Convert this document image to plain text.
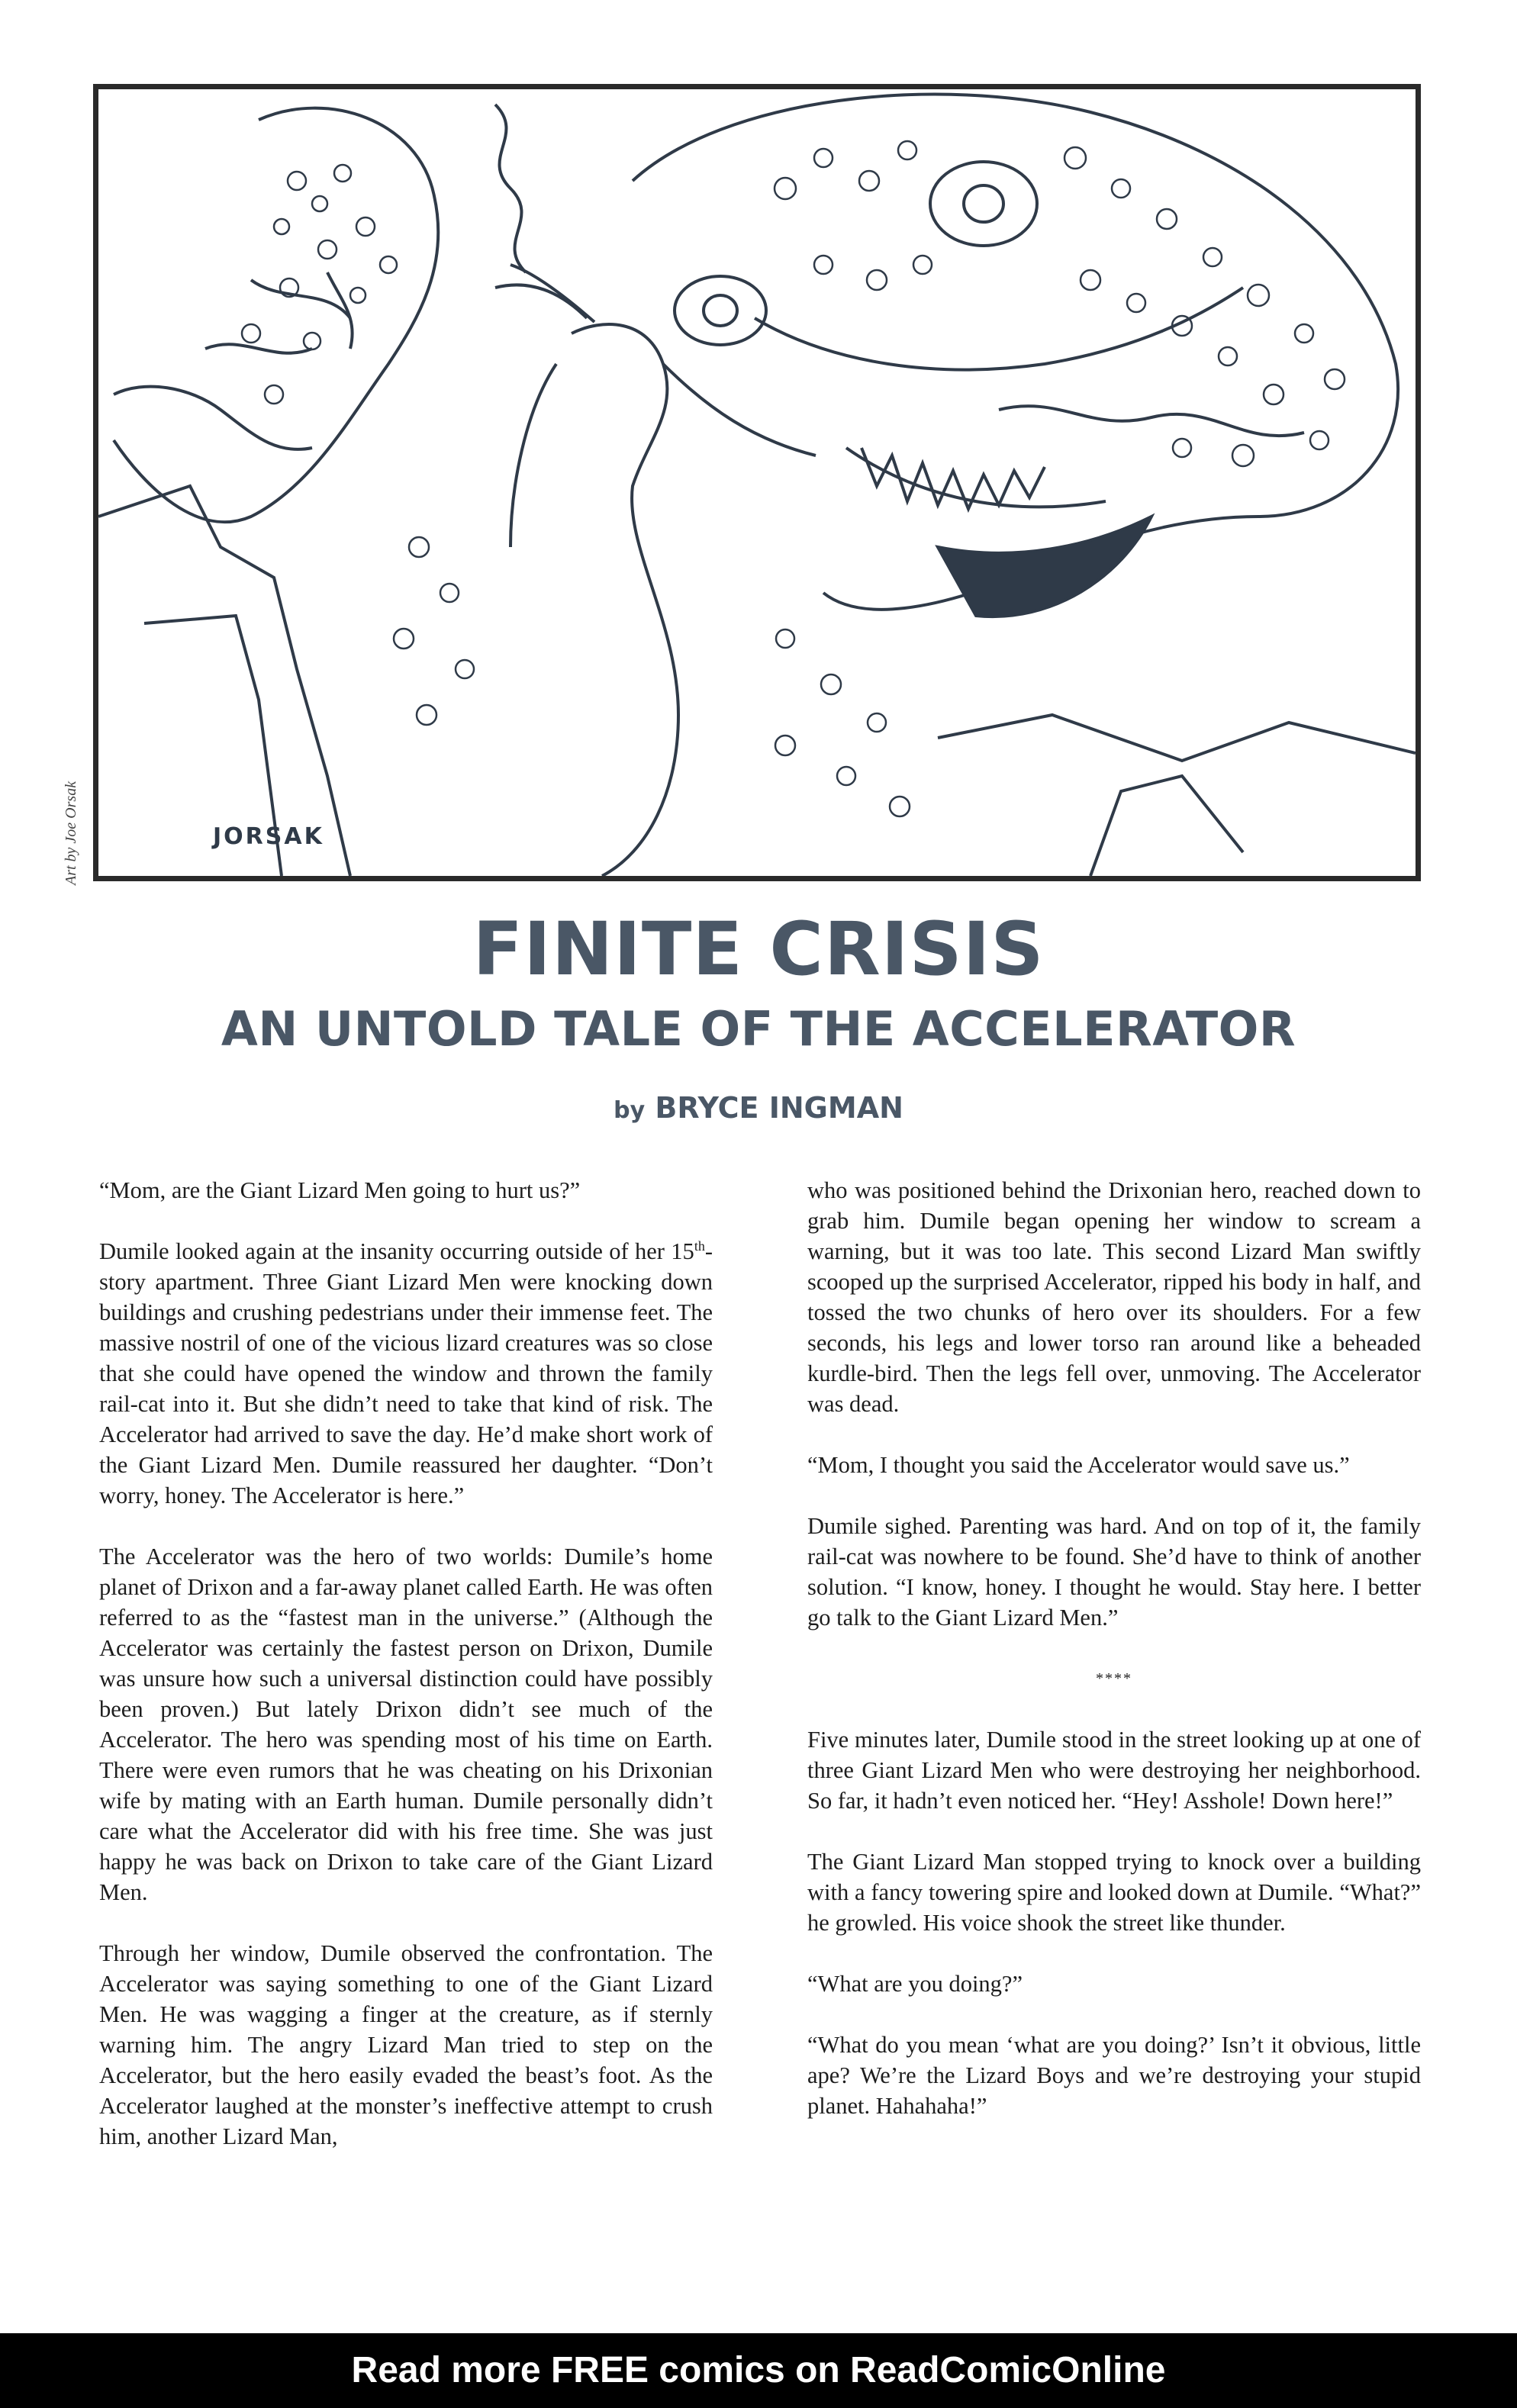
JORSAK
Art by Joe Orsak
FINITE CRISIS
AN UNTOLD TALE OF THE ACCELERATOR
by BRYCE INGMAN

“Mom, are the Giant Lizard Men going to hurt us?”

Dumile looked again at the insanity occurring outside of her 15th-story apartment. Three Giant Lizard Men were knocking down buildings and crushing pedestrians under their immense feet. The massive nostril of one of the vicious lizard creatures was so close that she could have opened the window and thrown the family rail-cat into it. But she didn’t need to take that kind of risk. The Accelerator had arrived to save the day. He’d make short work of the Giant Lizard Men. Dumile reassured her daughter. “Don’t worry, honey. The Accelerator is here.”

The Accelerator was the hero of two worlds: Dumile’s home planet of Drixon and a far-away planet called Earth. He was often referred to as the “fastest man in the universe.” (Although the Accelerator was certainly the fastest person on Drixon, Dumile was unsure how such a universal distinction could have possibly been proven.) But lately Drixon didn’t see much of the Accelerator. The hero was spending most of his time on Earth. There were even rumors that he was cheating on his Drixonian wife by mating with an Earth human. Dumile personally didn’t care what the Accelerator did with his free time. She was just happy he was back on Drixon to take care of the Giant Lizard Men.

Through her window, Dumile observed the confrontation. The Accelerator was saying something to one of the Giant Lizard Men. He was wagging a finger at the creature, as if sternly warning him. The angry Lizard Man tried to step on the Accelerator, but the hero easily evaded the beast’s foot. As the Accelerator laughed at the monster’s ineffective attempt to crush him, another Lizard Man,

who was positioned behind the Drixonian hero, reached down to grab him. Dumile began opening her window to scream a warning, but it was too late. This second Lizard Man swiftly scooped up the surprised Accelerator, ripped his body in half, and tossed the two chunks of hero over its shoulders. For a few seconds, his legs and lower torso ran around like a beheaded kurdle-bird. Then the legs fell over, unmoving. The Accelerator was dead.

“Mom, I thought you said the Accelerator would save us.”

Dumile sighed. Parenting was hard. And on top of it, the family rail-cat was nowhere to be found. She’d have to think of another solution. “I know, honey. I thought he would. Stay here. I better go talk to the Giant Lizard Men.”

****

Five minutes later, Dumile stood in the street looking up at one of three Giant Lizard Men who were destroying her neighborhood. So far, it hadn’t even noticed her. “Hey! Asshole! Down here!”

The Giant Lizard Man stopped trying to knock over a building with a fancy towering spire and looked down at Dumile. “What?” he growled. His voice shook the street like thunder.

“What are you doing?”

“What do you mean ‘what are you doing?’ Isn’t it obvious, little ape? We’re the Lizard Boys and we’re destroying your stupid planet. Hahahaha!”

Read more FREE comics on ReadComicOnline
